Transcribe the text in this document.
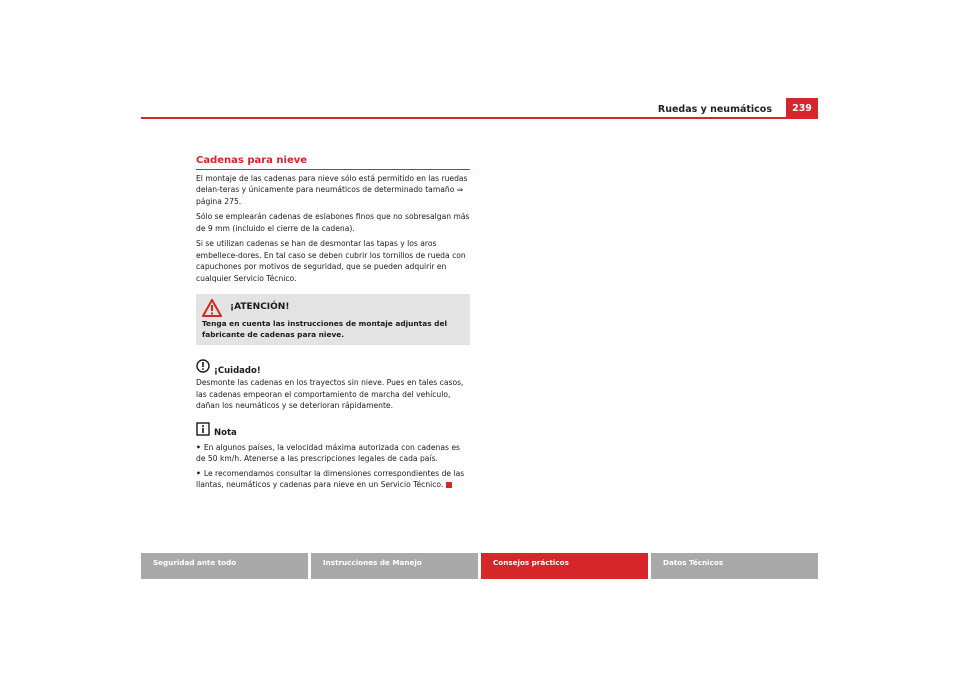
Ruedas y neumáticos	239
Cadenas para nieve

El montaje de las cadenas para nieve sólo está permitido en las ruedas delan-teras y únicamente para neumáticos de determinado tamaño ⇒ página 275.

Sólo se emplearán cadenas de eslabones finos que no sobresalgan más de 9 mm (incluido el cierre de la cadena).

Si se utilizan cadenas se han de desmontar las tapas y los aros embellece-dores. En tal caso se deben cubrir los tornillos de rueda con capuchones por motivos de seguridad, que se pueden adquirir en cualquier Servicio Técnico.

¡ATENCIÓN!
Tenga en cuenta las instrucciones de montaje adjuntas del fabricante de cadenas para nieve.
¡Cuidado!

Desmonte las cadenas en los trayectos sin nieve. Pues en tales casos, las cadenas empeoran el comportamiento de marcha del vehículo, dañan los neumáticos y se deterioran rápidamente.

Nota
• En algunos países, la velocidad máxima autorizada con cadenas es de 50 km/h. Atenerse a las prescripciones legales de cada país.
• Le recomendamos consultar la dimensiones correspondientes de las llantas, neumáticos y cadenas para nieve en un Servicio Técnico.
Seguridad ante todo	Instrucciones de Manejo	Consejos prácticos	Datos Técnicos
